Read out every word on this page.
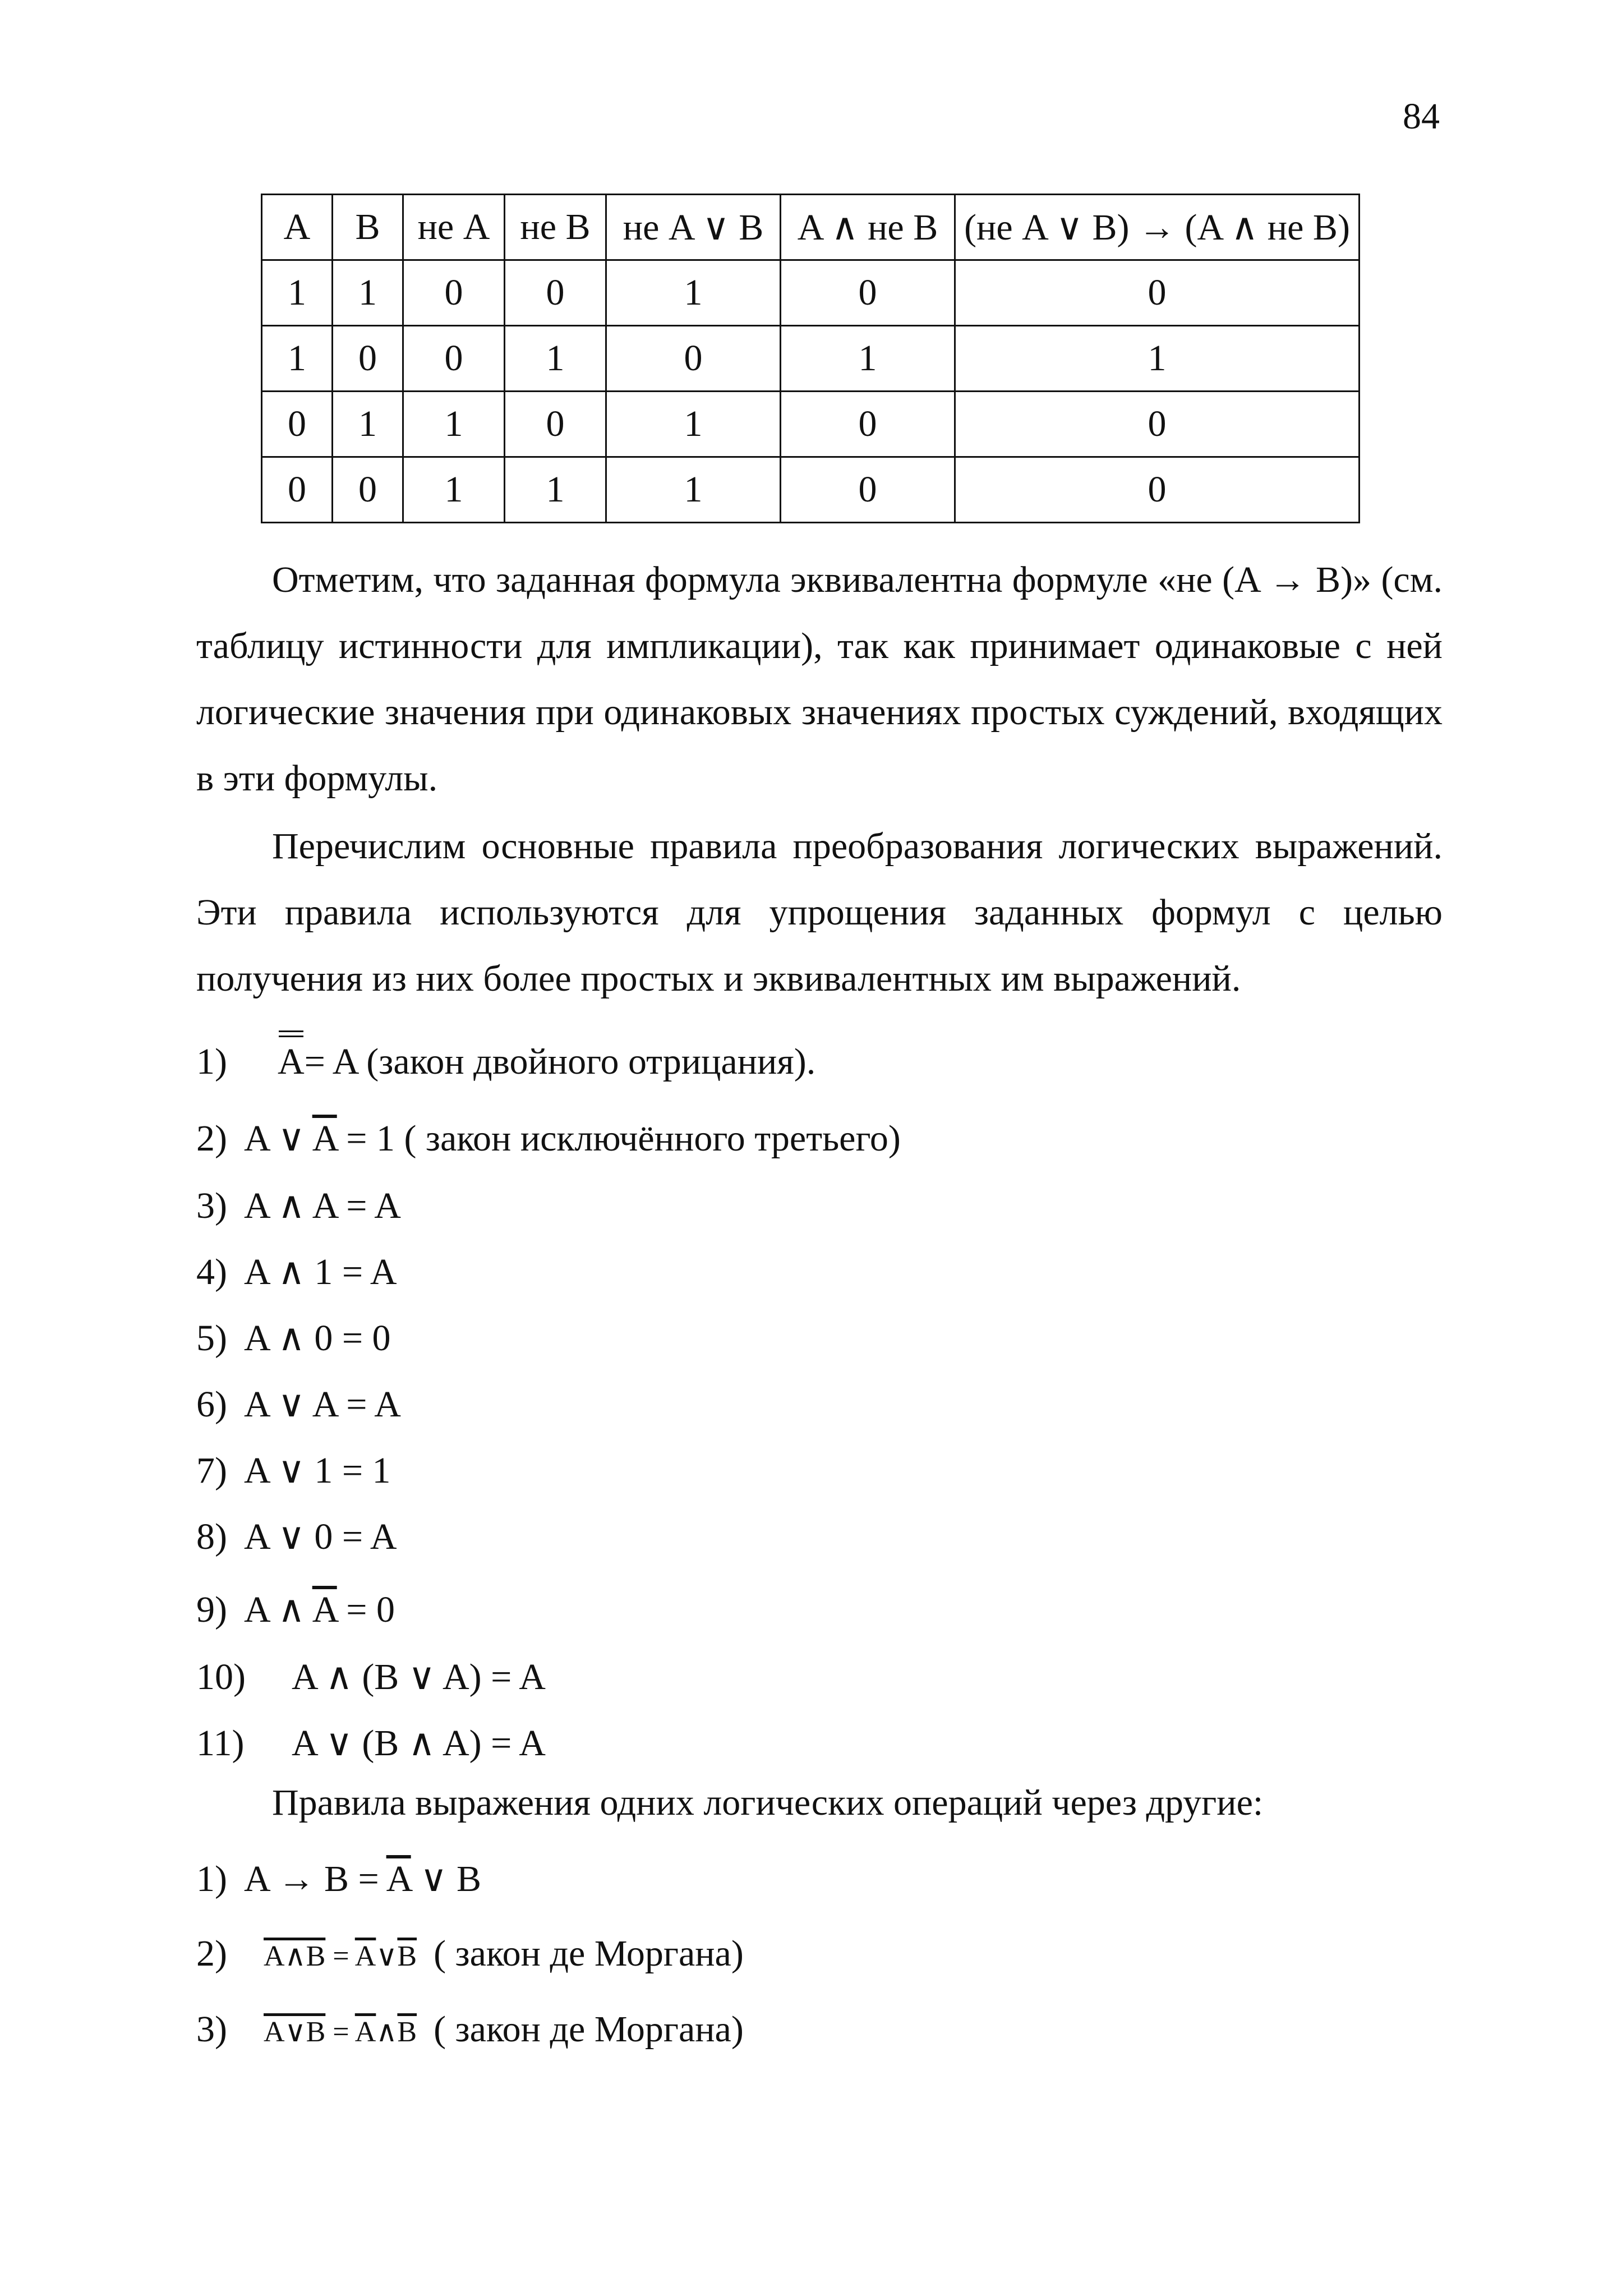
84
A	B	не A	не B	не A ∨ B	A ∧ не B	(не A ∨ B) → (A ∧ не B)
1	1	0	0	1	0	0
1	0	0	1	0	1	1
0	1	1	0	1	0	0
0	0	1	1	1	0	0
Отметим, что заданная формула эквивалентна формуле «не (A → B)» (см. таблицу истинности для импликации), так как принимает одинаковые с ней логические значения при одинаковых значениях простых суждений, входящих в эти формулы.
Перечислим основные правила преобразования логических выражений. Эти правила используются для упрощения заданных формул с целью получения из них более простых и эквивалентных им выражений.
1) A= A (закон двойного отрицания).
2) A ∨ $\overline{A} = 1$ ( закон исключённого третьего)
3) A ∧ A = A
4) A ∧ 1 = A
5) A ∧ 0 = 0
6) A ∨ A = A
7) A ∨ 1 = 1
8) A ∨ 0 = A
9) A ∧ $\overline{A} = 0$
10) A ∧ (B ∨ A) = A
11) A ∨ (B ∧ A) = A
Правила выражения одних логических операций через другие:
1) $A \to B = \overline{A}$ ∨ B
2) A∧B = $\overline{A}\vee\overline{B}$ ( закон де Моргана)
3) A∨B = $\overline{A}\wedge\overline{B}$ ( закон де Моргана)
